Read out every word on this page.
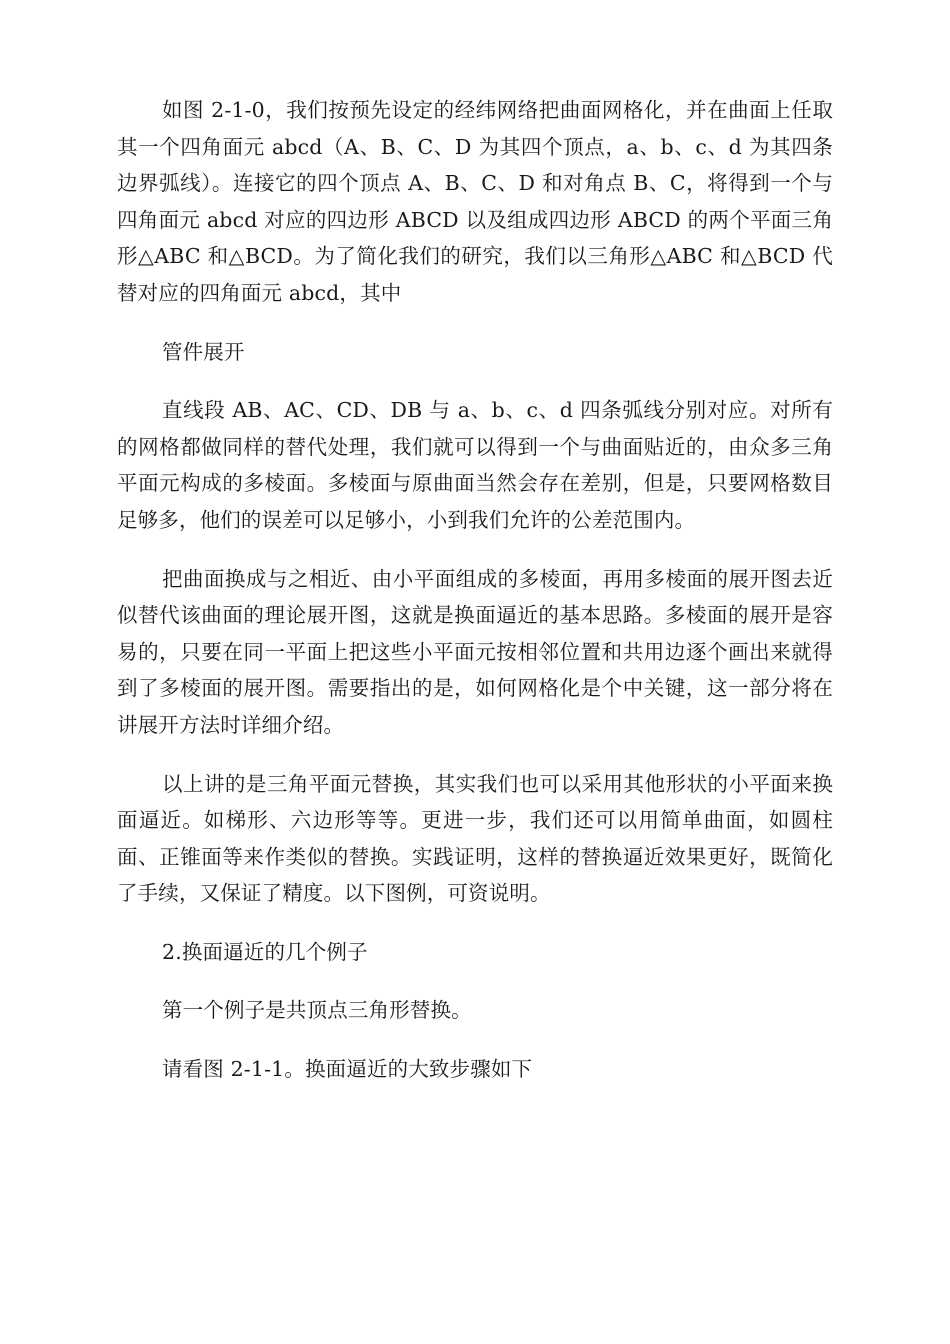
如图 2-1-0，我们按预先设定的经纬网络把曲面网格化，并在曲面上任取其一个四角面元 abcd（A、B、C、D 为其四个顶点，a、b、c、d 为其四条边界弧线）。连接它的四个顶点 A、B、C、D 和对角点 B、C，将得到一个与四角面元 abcd 对应的四边形 ABCD 以及组成四边形 ABCD 的两个平面三角形△ABC 和△BCD。为了简化我们的研究，我们以三角形△ABC 和△BCD 代替对应的四角面元 abcd，其中

管件展开

直线段 AB、AC、CD、DB 与 a、b、c、d 四条弧线分别对应。对所有的网格都做同样的替代处理，我们就可以得到一个与曲面贴近的，由众多三角平面元构成的多棱面。多棱面与原曲面当然会存在差别，但是，只要网格数目足够多，他们的误差可以足够小，小到我们允许的公差范围内。

把曲面换成与之相近、由小平面组成的多棱面，再用多棱面的展开图去近似替代该曲面的理论展开图，这就是换面逼近的基本思路。多棱面的展开是容易的，只要在同一平面上把这些小平面元按相邻位置和共用边逐个画出来就得到了多棱面的展开图。需要指出的是，如何网格化是个中关键，这一部分将在讲展开方法时详细介绍。

以上讲的是三角平面元替换，其实我们也可以采用其他形状的小平面来换面逼近。如梯形、六边形等等。更进一步，我们还可以用简单曲面，如圆柱面、正锥面等来作类似的替换。实践证明，这样的替换逼近效果更好，既简化了手续，又保证了精度。以下图例，可资说明。

2.换面逼近的几个例子

第一个例子是共顶点三角形替换。

请看图 2-1-1。换面逼近的大致步骤如下
